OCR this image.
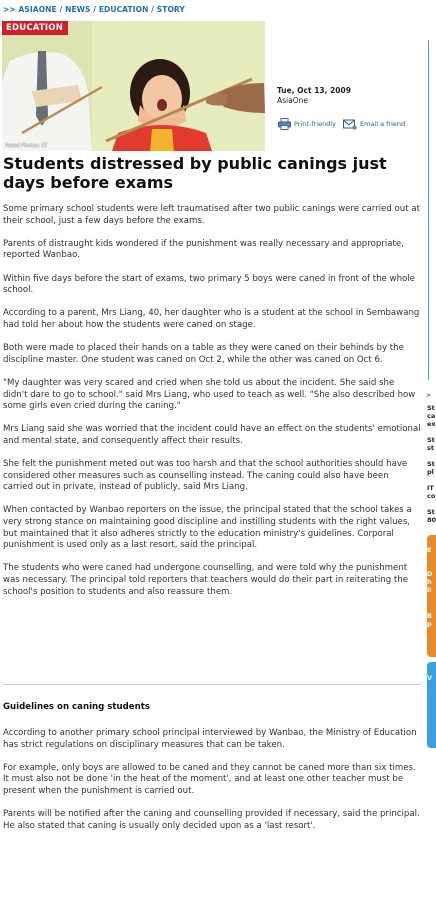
>> ASIAONE / NEWS / EDUCATION / STORY
EDUCATION
Posed Photos: ST
Tue, Oct 13, 2009
AsiaOne
Print-friendly	Email a friend
Students distressed by public canings just days before exams

Some primary school students were left traumatised after two public canings were carried out at their school, just a few days before the exams.

Parents of distraught kids wondered if the punishment was really necessary and appropriate, reported Wanbao.

Within five days before the start of exams, two primary 5 boys were caned in front of the whole school.

According to a parent, Mrs Liang, 40, her daughter who is a student at the school in Sembawang had told her about how the students were caned on stage.

Both were made to placed their hands on a table as they were caned on their behinds by the discipline master. One student was caned on Oct 2, while the other was caned on Oct 6.

"My daughter was very scared and cried when she told us about the incident. She said she didn't dare to go to school." said Mrs Liang, who used to teach as well. "She also described how some girls even cried during the caning."

Mrs Liang said she was worried that the incident could have an effect on the students' emotional and mental state, and consequently affect their results.

She felt the punishment meted out was too harsh and that the school authorities should have considered other measures such as counselling instead. The caning could also have been carried out in private, instead of publicly, said Mrs Liang.

When contacted by Wanbao reporters on the issue, the principal stated that the school takes a very strong stance on maintaining good discipline and instilling students with the right values, but maintained that it also adheres strictly to the education ministry's guidelines. Corporal punishment is used only as a last resort, said the principal.

The students who were caned had undergone counselling, and were told why the punishment was necessary. The principal told reporters that teachers would do their part in reiterating the school's position to students and also reassure them.

Guidelines on caning students

According to another primary school principal interviewed by Wanbao, the Ministry of Education has strict regulations on disciplinary measures that can be taken.

For example, only boys are allowed to be caned and they cannot be caned more than six times. It must also not be done 'in the heat of the moment', and at least one other teacher must be present when the punishment is carried out.

Parents will be notified after the caning and counselling provided if necessary, said the principal. He also stated that caning is usually only decided upon as a 'last resort'.

>
St
ca
ex
St
st
St
pl
IT
co
St
80
E
D
h
li
B
p
V
